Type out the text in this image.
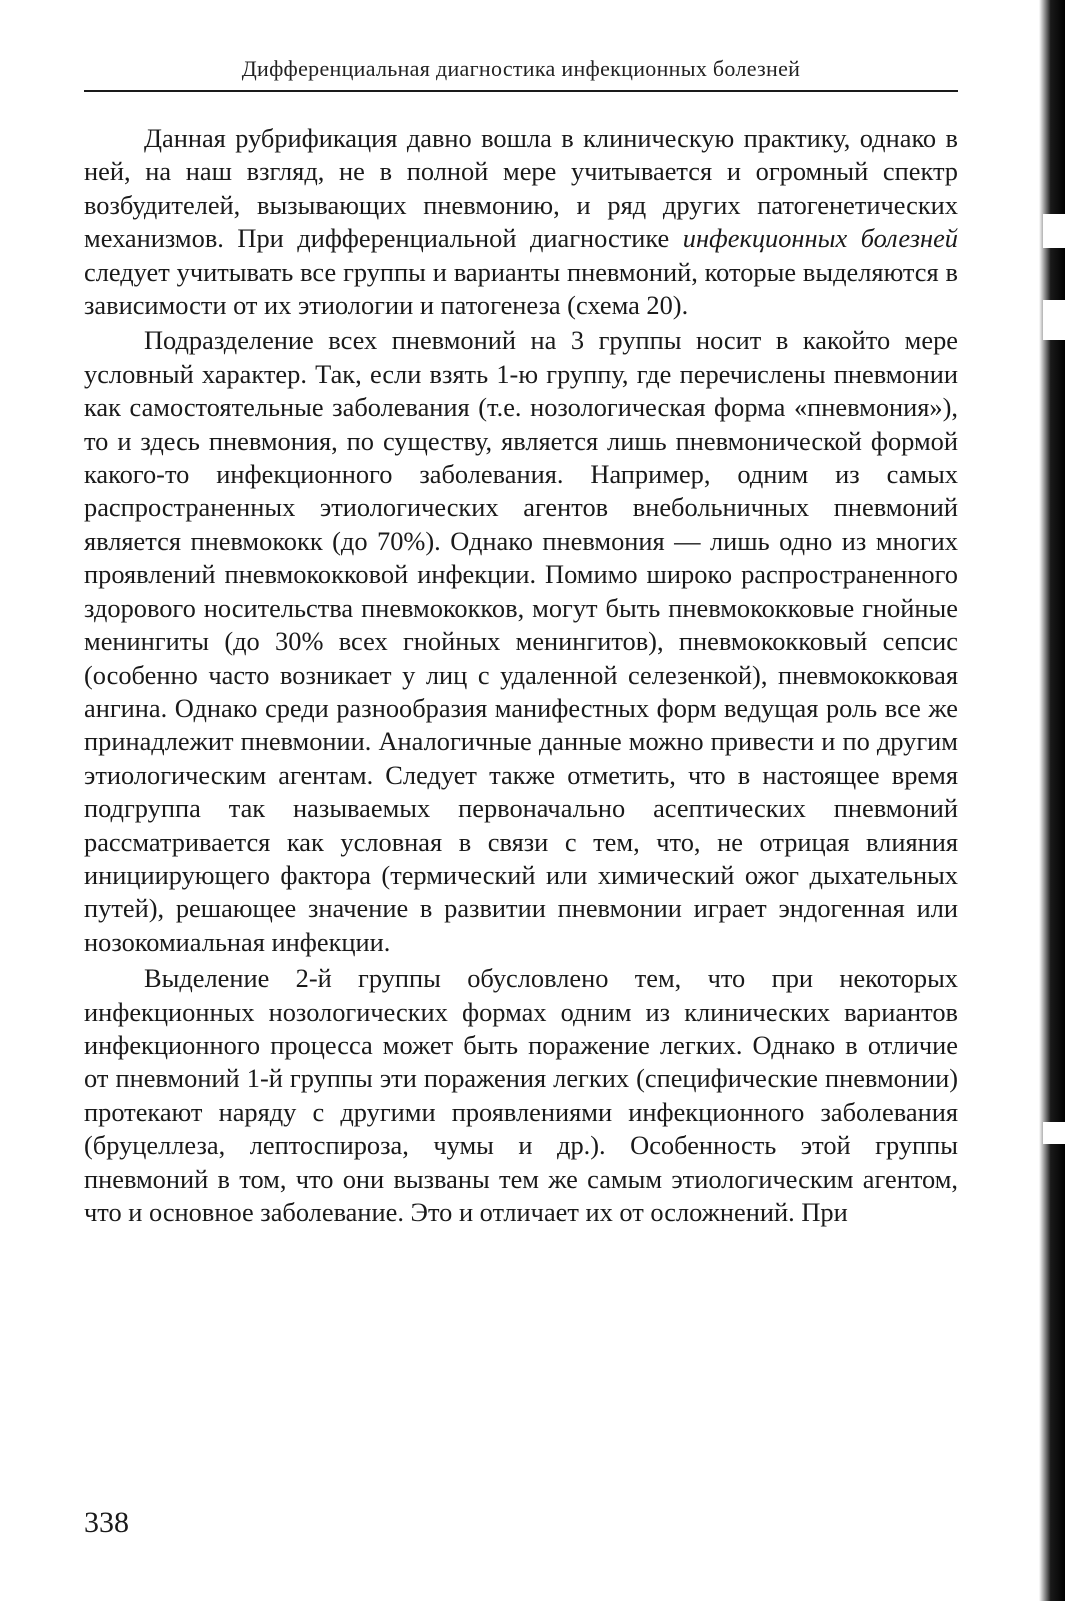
Дифференциальная диагностика инфекционных болезней

Данная рубрификация давно вошла в клиническую практику, однако в ней, на наш взгляд, не в полной мере учитывается и огромный спектр возбудителей, вызывающих пневмонию, и ряд других патогенетических механизмов. При дифференциальной диагностике инфекционных болезней следует учитывать все группы и варианты пневмоний, которые выделяются в зависимости от их этиологии и патогенеза (схема 20).

Подразделение всех пневмоний на 3 группы носит в какойто мере условный характер. Так, если взять 1-ю группу, где перечислены пневмонии как самостоятельные заболевания (т.е. нозологическая форма «пневмония»), то и здесь пневмония, по существу, является лишь пневмонической формой какого-то инфекционного заболевания. Например, одним из самых распространенных этиологических агентов внебольничных пневмоний является пневмококк (до 70%). Однако пневмония — лишь одно из многих проявлений пневмококковой инфекции. Помимо широко распространенного здорового носительства пневмококков, могут быть пневмококковые гнойные менингиты (до 30% всех гнойных менингитов), пневмококковый сепсис (особенно часто возникает у лиц с удаленной селезенкой), пневмококковая ангина. Однако среди разнообразия манифестных форм ведущая роль все же принадлежит пневмонии. Аналогичные данные можно привести и по другим этиологическим агентам. Следует также отметить, что в настоящее время подгруппа так называемых первоначально асептических пневмоний рассматривается как условная в связи с тем, что, не отрицая влияния инициирующего фактора (термический или химический ожог дыхательных путей), решающее значение в развитии пневмонии играет эндогенная или нозокомиальная инфекции.

Выделение 2-й группы обусловлено тем, что при некоторых инфекционных нозологических формах одним из клинических вариантов инфекционного процесса может быть поражение легких. Однако в отличие от пневмоний 1-й группы эти поражения легких (специфические пневмонии) протекают наряду с другими проявлениями инфекционного заболевания (бруцеллеза, лептоспироза, чумы и др.). Особенность этой группы пневмоний в том, что они вызваны тем же самым этиологическим агентом, что и основное заболевание. Это и отличает их от осложнений. При

338
